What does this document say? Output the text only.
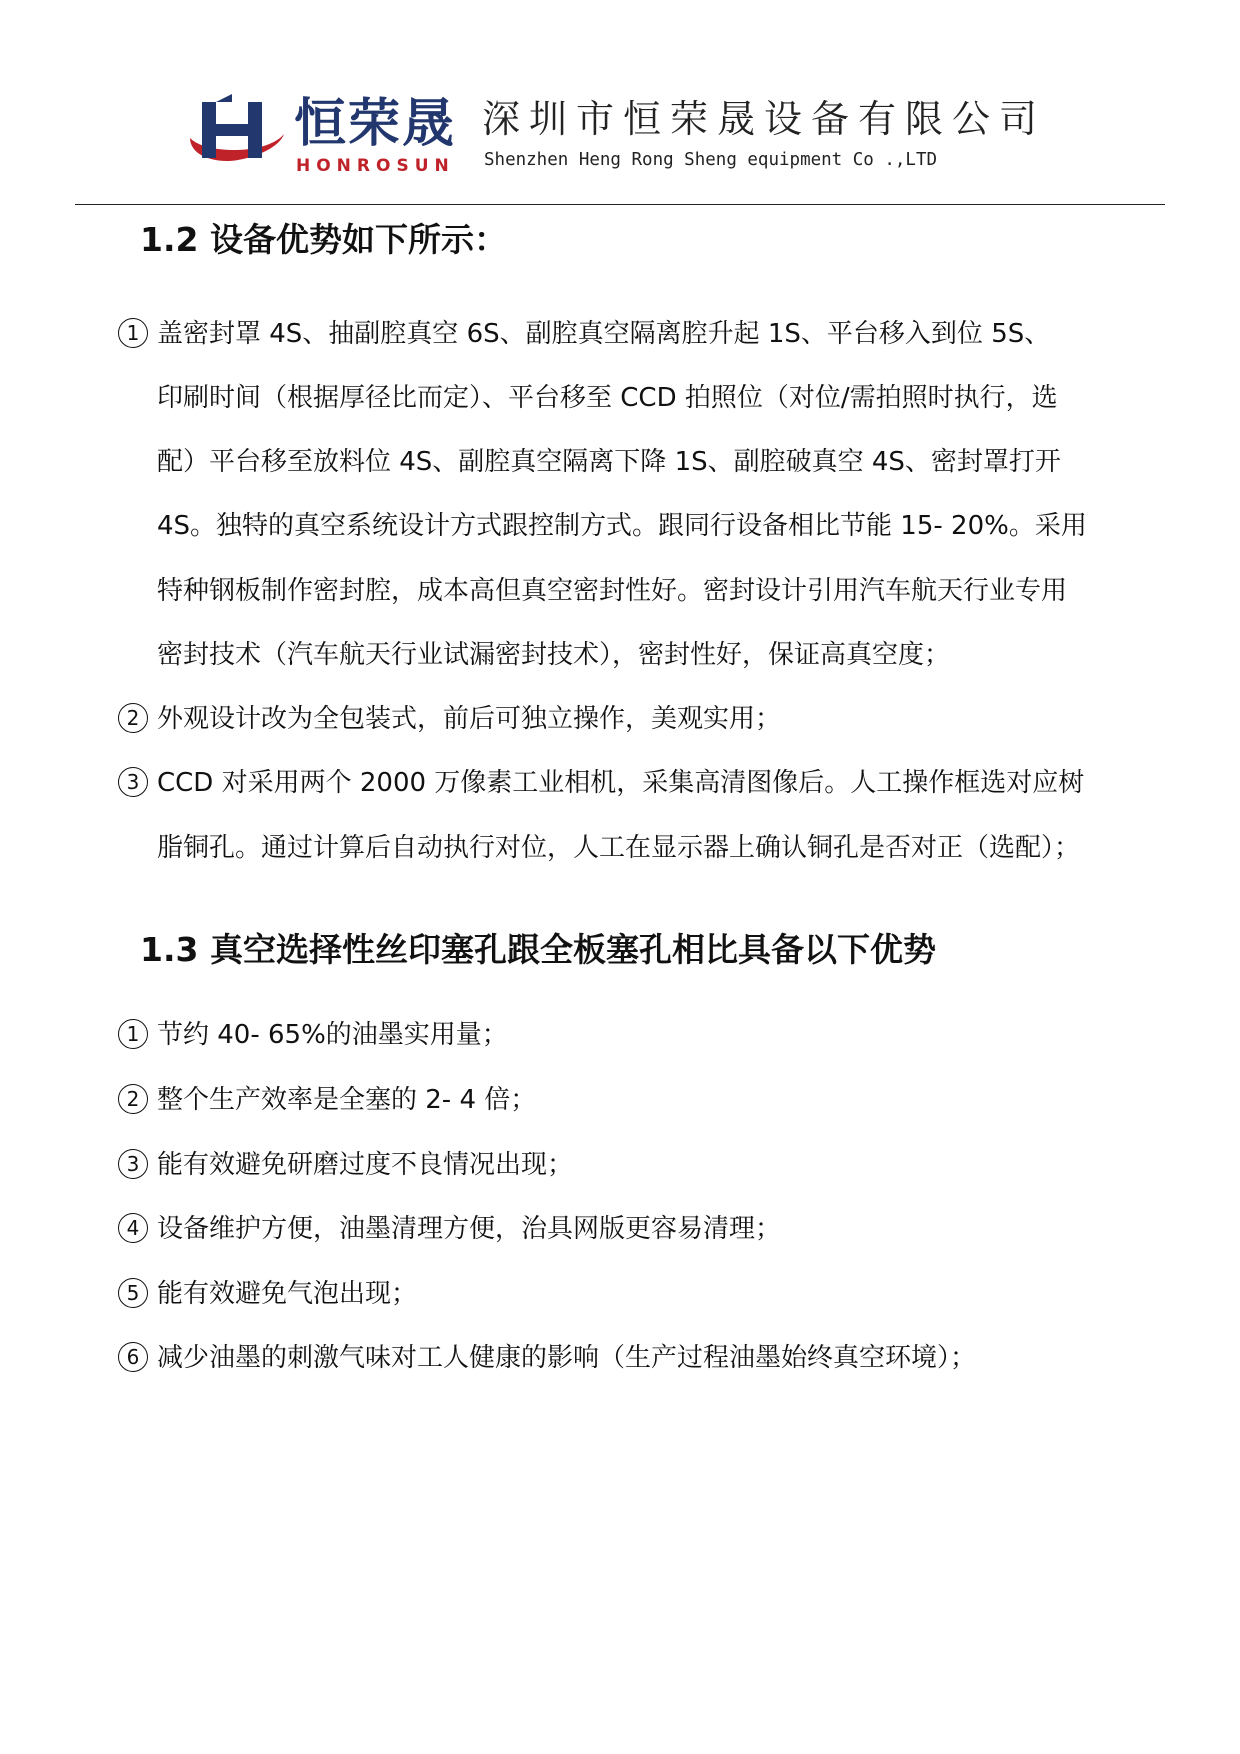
恒荣晟
HONROSUN
深圳市恒荣晟设备有限公司
Shenzhen Heng Rong Sheng equipment Co .,LTD
1.2 设备优势如下所示：
1 盖密封罩 4S、抽副腔真空 6S、副腔真空隔离腔升起 1S、平台移入到位 5S、
印刷时间（根据厚径比而定）、平台移至 CCD 拍照位（对位/需拍照时执行，选
配）平台移至放料位 4S、副腔真空隔离下降 1S、副腔破真空 4S、密封罩打开
4S。独特的真空系统设计方式跟控制方式。跟同行设备相比节能 15- 20%。采用
特种钢板制作密封腔，成本高但真空密封性好。密封设计引用汽车航天行业专用
密封技术（汽车航天行业试漏密封技术），密封性好，保证高真空度；
2 外观设计改为全包装式，前后可独立操作，美观实用；
3 CCD 对采用两个 2000 万像素工业相机，采集高清图像后。人工操作框选对应树
脂铜孔。通过计算后自动执行对位，人工在显示器上确认铜孔是否对正（选配）；
1.3 真空选择性丝印塞孔跟全板塞孔相比具备以下优势
1 节约 40- 65%的油墨实用量；
2 整个生产效率是全塞的 2- 4 倍；
3 能有效避免研磨过度不良情况出现；
4 设备维护方便，油墨清理方便，治具网版更容易清理；
5 能有效避免气泡出现；
6 减少油墨的刺激气味对工人健康的影响（生产过程油墨始终真空环境）；
